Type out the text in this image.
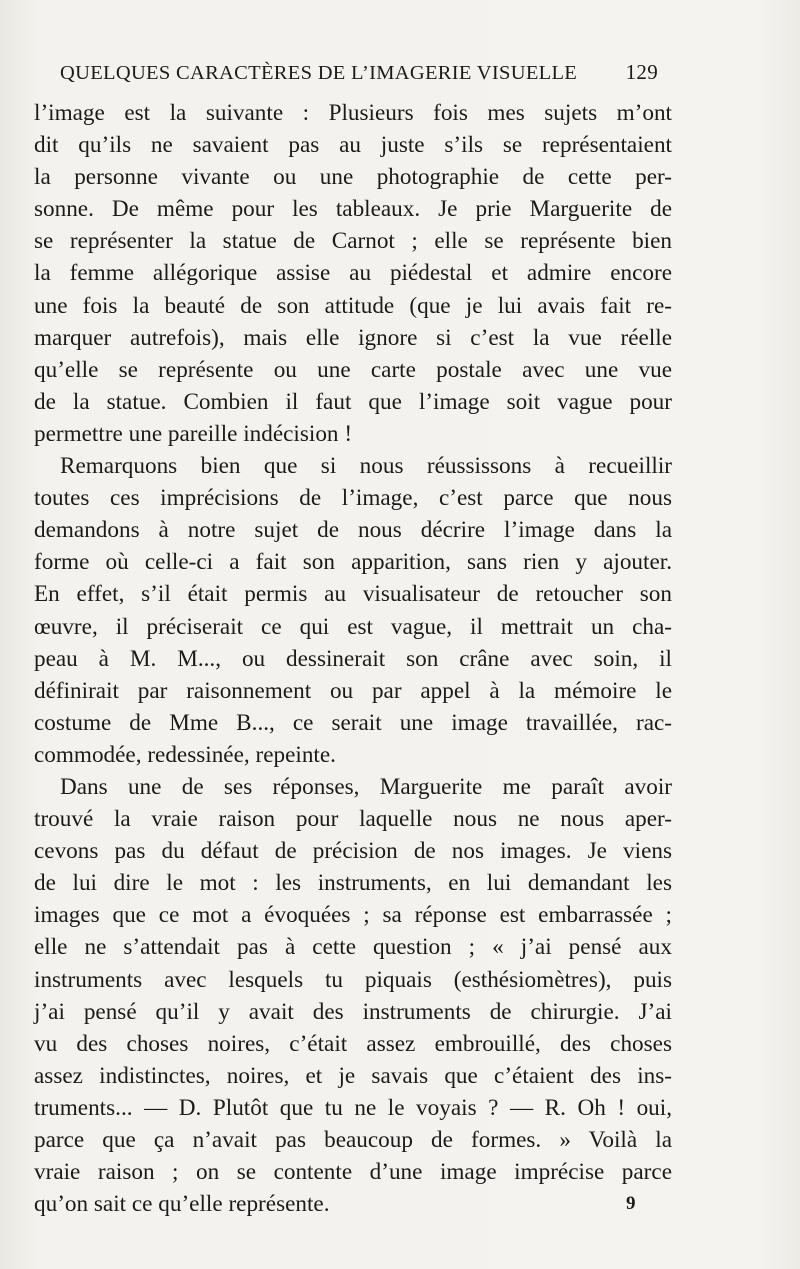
QUELQUES CARACTÈRES DE L’IMAGERIE VISUELLE 129
l’image est la suivante : Plusieurs fois mes sujets m’ont
dit qu’ils ne savaient pas au juste s’ils se représentaient
la personne vivante ou une photographie de cette per-
sonne. De même pour les tableaux. Je prie Marguerite de
se représenter la statue de Carnot ; elle se représente bien
la femme allégorique assise au piédestal et admire encore
une fois la beauté de son attitude (que je lui avais fait re-
marquer autrefois), mais elle ignore si c’est la vue réelle
qu’elle se représente ou une carte postale avec une vue
de la statue. Combien il faut que l’image soit vague pour
permettre une pareille indécision !
Remarquons bien que si nous réussissons à recueillir
toutes ces imprécisions de l’image, c’est parce que nous
demandons à notre sujet de nous décrire l’image dans la
forme où celle-ci a fait son apparition, sans rien y ajouter.
En effet, s’il était permis au visualisateur de retoucher son
œuvre, il préciserait ce qui est vague, il mettrait un cha-
peau à M. M..., ou dessinerait son crâne avec soin, il
définirait par raisonnement ou par appel à la mémoire le
costume de Mme B..., ce serait une image travaillée, rac-
commodée, redessinée, repeinte.
Dans une de ses réponses, Marguerite me paraît avoir
trouvé la vraie raison pour laquelle nous ne nous aper-
cevons pas du défaut de précision de nos images. Je viens
de lui dire le mot : les instruments, en lui demandant les
images que ce mot a évoquées ; sa réponse est embarrassée ;
elle ne s’attendait pas à cette question ; « j’ai pensé aux
instruments avec lesquels tu piquais (esthésiomètres), puis
j’ai pensé qu’il y avait des instruments de chirurgie. J’ai
vu des choses noires, c’était assez embrouillé, des choses
assez indistinctes, noires, et je savais que c’étaient des ins-
truments... — D. Plutôt que tu ne le voyais ? — R. Oh ! oui,
parce que ça n’avait pas beaucoup de formes. » Voilà la
vraie raison ; on se contente d’une image imprécise parce
qu’on sait ce qu’elle représente.	9
